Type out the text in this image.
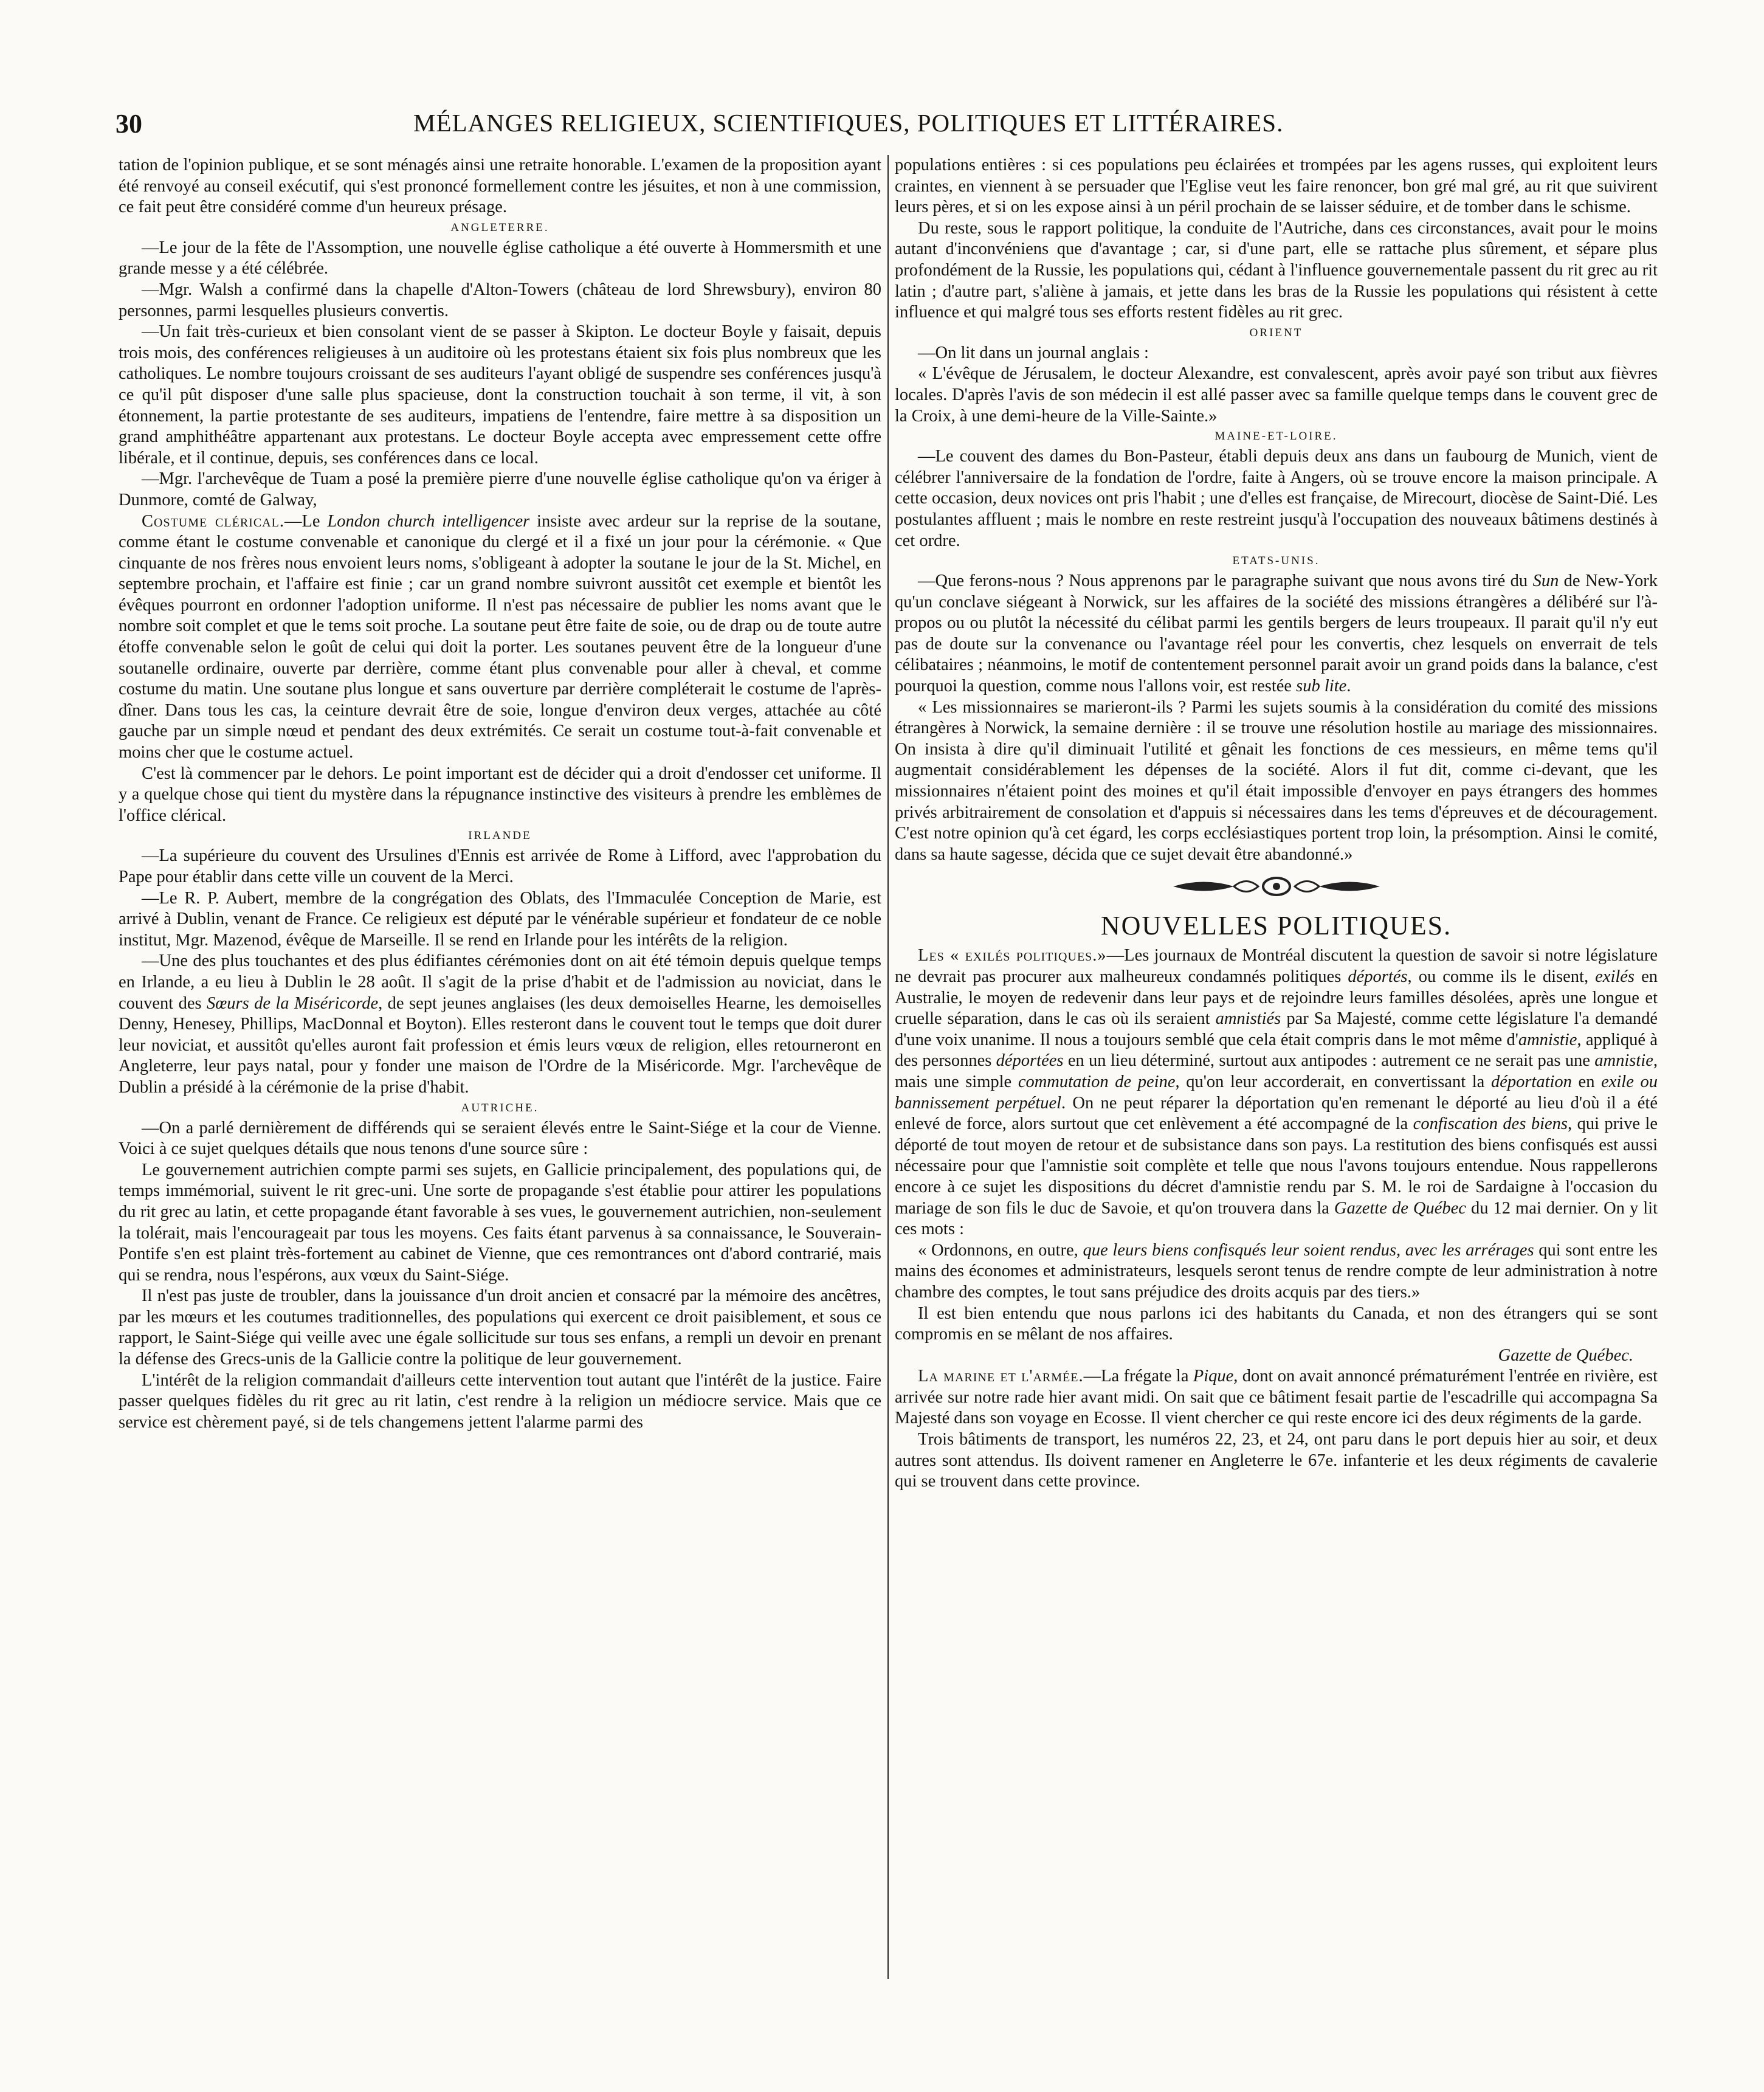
30	MÉLANGES RELIGIEUX, SCIENTIFIQUES, POLITIQUES ET LITTÉRAIRES.

tation de l'opinion publique, et se sont ménagés ainsi une retraite honorable. L'examen de la proposition ayant été renvoyé au conseil exécutif, qui s'est prononcé formellement contre les jésuites, et non à une commission, ce fait peut être considéré comme d'un heureux présage.

ANGLETERRE.

—Le jour de la fête de l'Assomption, une nouvelle église catholique a été ouverte à Hommersmith et une grande messe y a été célébrée.

—Mgr. Walsh a confirmé dans la chapelle d'Alton-Towers (château de lord Shrewsbury), environ 80 personnes, parmi lesquelles plusieurs convertis.

—Un fait très-curieux et bien consolant vient de se passer à Skipton. Le docteur Boyle y faisait, depuis trois mois, des conférences religieuses à un auditoire où les protestans étaient six fois plus nombreux que les catholiques. Le nombre toujours croissant de ses auditeurs l'ayant obligé de suspendre ses conférences jusqu'à ce qu'il pût disposer d'une salle plus spacieuse, dont la construction touchait à son terme, il vit, à son étonnement, la partie protestante de ses auditeurs, impatiens de l'entendre, faire mettre à sa disposition un grand amphithéâtre appartenant aux protestans. Le docteur Boyle accepta avec empressement cette offre libérale, et il continue, depuis, ses conférences dans ce local.

—Mgr. l'archevêque de Tuam a posé la première pierre d'une nouvelle église catholique qu'on va ériger à Dunmore, comté de Galway,

Costume clérical.—Le London church intelligencer insiste avec ardeur sur la reprise de la soutane, comme étant le costume convenable et canonique du clergé et il a fixé un jour pour la cérémonie. « Que cinquante de nos frères nous envoient leurs noms, s'obligeant à adopter la soutane le jour de la St. Michel, en septembre prochain, et l'affaire est finie ; car un grand nombre suivront aussitôt cet exemple et bientôt les évêques pourront en ordonner l'adoption uniforme. Il n'est pas nécessaire de publier les noms avant que le nombre soit complet et que le tems soit proche. La soutane peut être faite de soie, ou de drap ou de toute autre étoffe convenable selon le goût de celui qui doit la porter. Les soutanes peuvent être de la longueur d'une soutanelle ordinaire, ouverte par derrière, comme étant plus convenable pour aller à cheval, et comme costume du matin. Une soutane plus longue et sans ouverture par derrière compléterait le costume de l'après-dîner. Dans tous les cas, la ceinture devrait être de soie, longue d'environ deux verges, attachée au côté gauche par un simple nœud et pendant des deux extrémités. Ce serait un costume tout-à-fait convenable et moins cher que le costume actuel.

C'est là commencer par le dehors. Le point important est de décider qui a droit d'endosser cet uniforme. Il y a quelque chose qui tient du mystère dans la répugnance instinctive des visiteurs à prendre les emblèmes de l'office clérical.

IRLANDE

—La supérieure du couvent des Ursulines d'Ennis est arrivée de Rome à Lifford, avec l'approbation du Pape pour établir dans cette ville un couvent de la Merci.

—Le R. P. Aubert, membre de la congrégation des Oblats, des l'Immaculée Conception de Marie, est arrivé à Dublin, venant de France. Ce religieux est député par le vénérable supérieur et fondateur de ce noble institut, Mgr. Mazenod, évêque de Marseille. Il se rend en Irlande pour les intérêts de la religion.

—Une des plus touchantes et des plus édifiantes cérémonies dont on ait été témoin depuis quelque temps en Irlande, a eu lieu à Dublin le 28 août. Il s'agit de la prise d'habit et de l'admission au noviciat, dans le couvent des Sœurs de la Miséricorde, de sept jeunes anglaises (les deux demoiselles Hearne, les demoiselles Denny, Henesey, Phillips, MacDonnal et Boyton). Elles resteront dans le couvent tout le temps que doit durer leur noviciat, et aussitôt qu'elles auront fait profession et émis leurs vœux de religion, elles retourneront en Angleterre, leur pays natal, pour y fonder une maison de l'Ordre de la Miséricorde. Mgr. l'archevêque de Dublin a présidé à la cérémonie de la prise d'habit.

AUTRICHE.

—On a parlé dernièrement de différends qui se seraient élevés entre le Saint-Siége et la cour de Vienne. Voici à ce sujet quelques détails que nous tenons d'une source sûre :

Le gouvernement autrichien compte parmi ses sujets, en Gallicie principalement, des populations qui, de temps immémorial, suivent le rit grec-uni. Une sorte de propagande s'est établie pour attirer les populations du rit grec au latin, et cette propagande étant favorable à ses vues, le gouvernement autrichien, non-seulement la tolérait, mais l'encourageait par tous les moyens. Ces faits étant parvenus à sa connaissance, le Souverain-Pontife s'en est plaint très-fortement au cabinet de Vienne, que ces remontrances ont d'abord contrarié, mais qui se rendra, nous l'espérons, aux vœux du Saint-Siége.

Il n'est pas juste de troubler, dans la jouissance d'un droit ancien et consacré par la mémoire des ancêtres, par les mœurs et les coutumes traditionnelles, des populations qui exercent ce droit paisiblement, et sous ce rapport, le Saint-Siége qui veille avec une égale sollicitude sur tous ses enfans, a rempli un devoir en prenant la défense des Grecs-unis de la Gallicie contre la politique de leur gouvernement.

L'intérêt de la religion commandait d'ailleurs cette intervention tout autant que l'intérêt de la justice. Faire passer quelques fidèles du rit grec au rit latin, c'est rendre à la religion un médiocre service. Mais que ce service est chèrement payé, si de tels changemens jettent l'alarme parmi des

populations entières : si ces populations peu éclairées et trompées par les agens russes, qui exploitent leurs craintes, en viennent à se persuader que l'Eglise veut les faire renoncer, bon gré mal gré, au rit que suivirent leurs pères, et si on les expose ainsi à un péril prochain de se laisser séduire, et de tomber dans le schisme.

Du reste, sous le rapport politique, la conduite de l'Autriche, dans ces circonstances, avait pour le moins autant d'inconvéniens que d'avantage ; car, si d'une part, elle se rattache plus sûrement, et sépare plus profondément de la Russie, les populations qui, cédant à l'influence gouvernementale passent du rit grec au rit latin ; d'autre part, s'aliène à jamais, et jette dans les bras de la Russie les populations qui résistent à cette influence et qui malgré tous ses efforts restent fidèles au rit grec.

ORIENT

—On lit dans un journal anglais :

« L'évêque de Jérusalem, le docteur Alexandre, est convalescent, après avoir payé son tribut aux fièvres locales. D'après l'avis de son médecin il est allé passer avec sa famille quelque temps dans le couvent grec de la Croix, à une demi-heure de la Ville-Sainte.»

MAINE-ET-LOIRE.

—Le couvent des dames du Bon-Pasteur, établi depuis deux ans dans un faubourg de Munich, vient de célébrer l'anniversaire de la fondation de l'ordre, faite à Angers, où se trouve encore la maison principale. A cette occasion, deux novices ont pris l'habit ; une d'elles est française, de Mirecourt, diocèse de Saint-Dié. Les postulantes affluent ; mais le nombre en reste restreint jusqu'à l'occupation des nouveaux bâtimens destinés à cet ordre.

ETATS-UNIS.

—Que ferons-nous ? Nous apprenons par le paragraphe suivant que nous avons tiré du Sun de New-York qu'un conclave siégeant à Norwick, sur les affaires de la société des missions étrangères a délibéré sur l'à-propos ou ou plutôt la nécessité du célibat parmi les gentils bergers de leurs troupeaux. Il parait qu'il n'y eut pas de doute sur la convenance ou l'avantage réel pour les convertis, chez lesquels on enverrait de tels célibataires ; néanmoins, le motif de contentement personnel parait avoir un grand poids dans la balance, c'est pourquoi la question, comme nous l'allons voir, est restée sub lite.

« Les missionnaires se marieront-ils ? Parmi les sujets soumis à la considération du comité des missions étrangères à Norwick, la semaine dernière : il se trouve une résolution hostile au mariage des missionnaires. On insista à dire qu'il diminuait l'utilité et gênait les fonctions de ces messieurs, en même tems qu'il augmentait considérablement les dépenses de la société. Alors il fut dit, comme ci-devant, que les missionnaires n'étaient point des moines et qu'il était impossible d'envoyer en pays étrangers des hommes privés arbitrairement de consolation et d'appuis si nécessaires dans les tems d'épreuves et de découragement. C'est notre opinion qu'à cet égard, les corps ecclésiastiques portent trop loin, la présomption. Ainsi le comité, dans sa haute sagesse, décida que ce sujet devait être abandonné.»

NOUVELLES POLITIQUES.

Les « exilés politiques.»—Les journaux de Montréal discutent la question de savoir si notre législature ne devrait pas procurer aux malheureux condamnés politiques déportés, ou comme ils le disent, exilés en Australie, le moyen de redevenir dans leur pays et de rejoindre leurs familles désolées, après une longue et cruelle séparation, dans le cas où ils seraient amnistiés par Sa Majesté, comme cette législature l'a demandé d'une voix unanime. Il nous a toujours semblé que cela était compris dans le mot même d'amnistie, appliqué à des personnes déportées en un lieu déterminé, surtout aux antipodes : autrement ce ne serait pas une amnistie, mais une simple commutation de peine, qu'on leur accorderait, en convertissant la déportation en exile ou bannissement perpétuel. On ne peut réparer la déportation qu'en remenant le déporté au lieu d'où il a été enlevé de force, alors surtout que cet enlèvement a été accompagné de la confiscation des biens, qui prive le déporté de tout moyen de retour et de subsistance dans son pays. La restitution des biens confisqués est aussi nécessaire pour que l'amnistie soit complète et telle que nous l'avons toujours entendue. Nous rappellerons encore à ce sujet les dispositions du décret d'amnistie rendu par S. M. le roi de Sardaigne à l'occasion du mariage de son fils le duc de Savoie, et qu'on trouvera dans la Gazette de Québec du 12 mai dernier. On y lit ces mots :

« Ordonnons, en outre, que leurs biens confisqués leur soient rendus, avec les arrérages qui sont entre les mains des économes et administrateurs, lesquels seront tenus de rendre compte de leur administration à notre chambre des comptes, le tout sans préjudice des droits acquis par des tiers.»

Il est bien entendu que nous parlons ici des habitants du Canada, et non des étrangers qui se sont compromis en se mêlant de nos affaires.

Gazette de Québec.

La marine et l'armée.—La frégate la Pique, dont on avait annoncé prématurément l'entrée en rivière, est arrivée sur notre rade hier avant midi. On sait que ce bâtiment fesait partie de l'escadrille qui accompagna Sa Majesté dans son voyage en Ecosse. Il vient chercher ce qui reste encore ici des deux régiments de la garde.

Trois bâtiments de transport, les numéros 22, 23, et 24, ont paru dans le port depuis hier au soir, et deux autres sont attendus. Ils doivent ramener en Angleterre le 67e. infanterie et les deux régiments de cavalerie qui se trouvent dans cette province.
